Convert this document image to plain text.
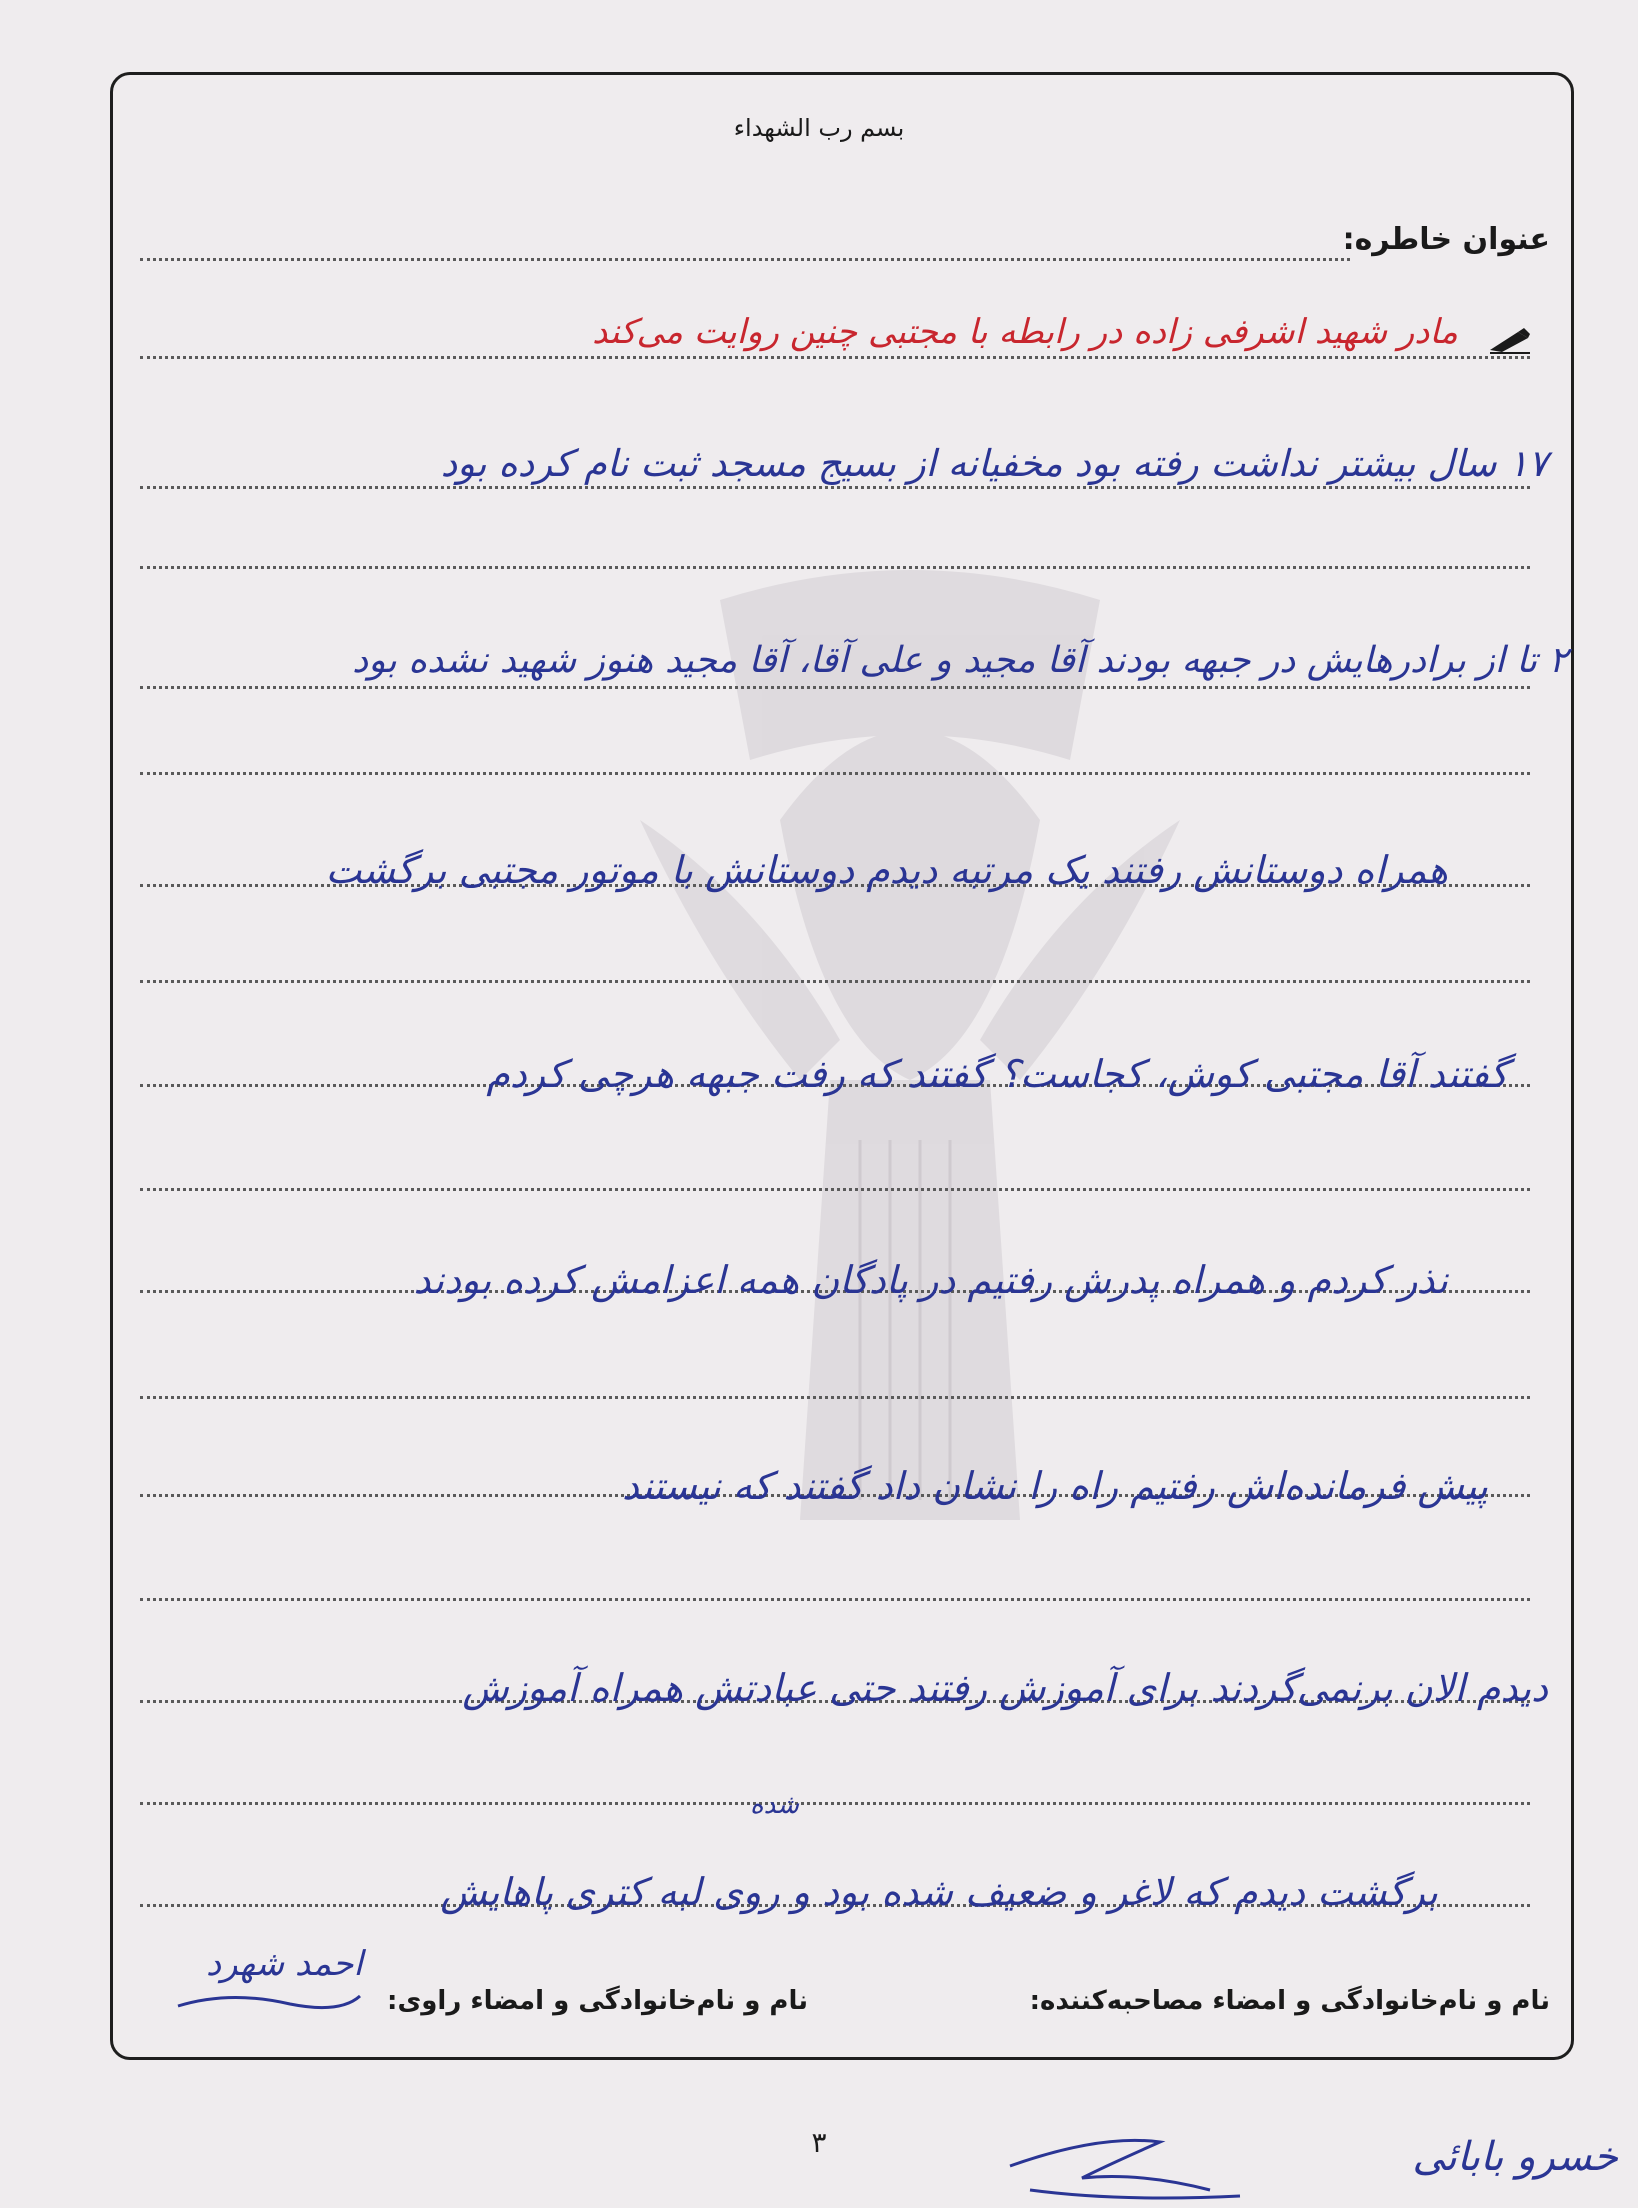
بسم رب الشهداء
عنوان خاطره:
مادر شهید اشرفی زاده در رابطه با مجتبی چنین روایت می‌کند
۱۷ سال بیشتر نداشت رفته بود مخفیانه از بسیج مسجد ثبت نام کرده بود
۲ تا از برادرهایش در جبهه بودند آقا مجید و علی آقا، آقا مجید هنوز شهید نشده بود
همراه دوستانش رفتند یک مرتبه دیدم دوستانش با موتور مجتبی برگشت
گفتند آقا مجتبی کوش، کجاست؟ گفتند که رفت جبهه هرچی کردم
نذر کردم و همراه پدرش رفتیم در پادگان همه اعزامش کرده بودند
پیش فرمانده‌اش رفتیم راه را نشان داد گفتند که نیستند
دیدم الان برنمی‌گردند برای آموزش رفتند حتی عبادتش همراه آموزش
شده
برگشت دیدم که لاغر و ضعیف شده بود و روی لبه کتری پاهایش
احمد شهرد
نام و نام‌خانوادگی و امضاء راوی:	نام و نام‌خانوادگی و امضاء مصاحبه‌کننده:
۳	خسرو بابائی
